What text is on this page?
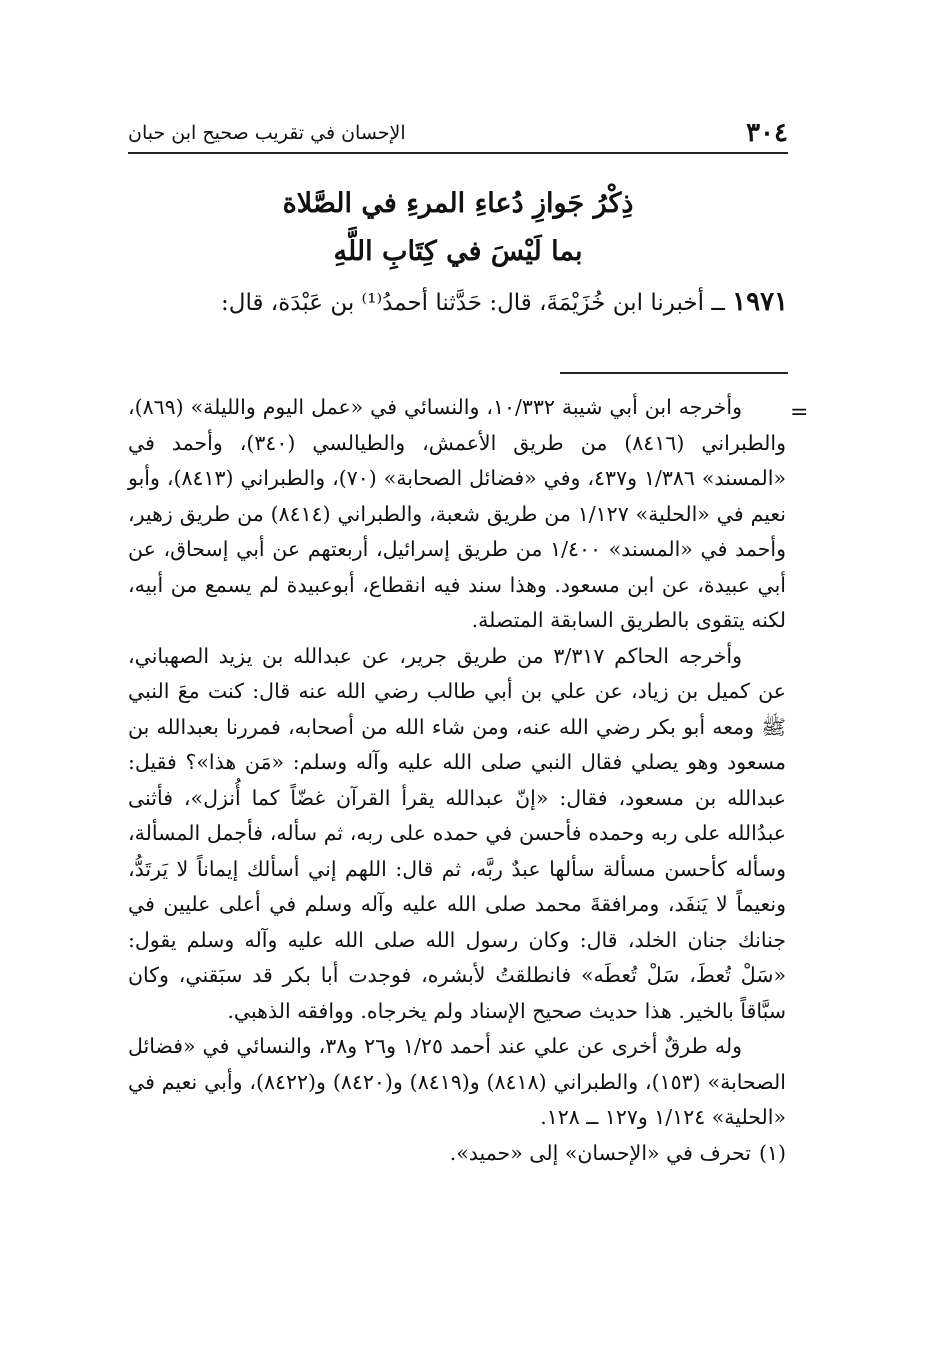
٣٠٤
الإحسان في تقريب صحيح ابن حبان
ذِكْرُ جَوازِ دُعاءِ المرءِ في الصَّلاة
بما لَيْسَ في كِتَابِ اللَّهِ
١٩٧١ ــ أخبرنا ابن خُزَيْمَةَ، قال: حَدَّثنا أحمدُ⁽¹⁾ بن عَبْدَة، قال:
=

وأخرجه ابن أبي شيبة ١٠/٣٣٢، والنسائي في «عمل اليوم والليلة» (٨٦٩)، والطبراني (٨٤١٦) من طريق الأعمش، والطيالسي (٣٤٠)، وأحمد في «المسند» ١/٣٨٦ و٤٣٧، وفي «فضائل الصحابة» (٧٠)، والطبراني (٨٤١٣)، وأبو نعيم في «الحلية» ١/١٢٧ من طريق شعبة، والطبراني (٨٤١٤) من طريق زهير، وأحمد في «المسند» ١/٤٠٠ من طريق إسرائيل، أربعتهم عن أبي إسحاق، عن أبي عبيدة، عن ابن مسعود. وهذا سند فيه انقطاع، أبوعبيدة لم يسمع من أبيه، لكنه يتقوى بالطريق السابقة المتصلة.

وأخرجه الحاكم ٣/٣١٧ من طريق جرير، عن عبدالله بن يزيد الصهباني، عن كميل بن زياد، عن علي بن أبي طالب رضي الله عنه قال: كنت معَ النبي ﷺ ومعه أبو بكر رضي الله عنه، ومن شاء الله من أصحابه، فمررنا بعبدالله بن مسعود وهو يصلي فقال النبي صلى الله عليه وآله وسلم: «مَن هذا»؟ فقيل: عبدالله بن مسعود، فقال: «إنّ عبدالله يقرأ القرآن غضّاً كما أُنزل»، فأثنى عبدُالله على ربه وحمده فأحسن في حمده على ربه، ثم سأله، فأجمل المسألة، وسأله كأحسن مسألة سألها عبدٌ ربَّه، ثم قال: اللهم إني أسألك إيماناً لا يَرتَدُّ، ونعيماً لا يَنفَد، ومرافقةَ محمد صلى الله عليه وآله وسلم في أعلى عليين في جنانك جنان الخلد، قال: وكان رسول الله صلى الله عليه وآله وسلم يقول: «سَلْ تُعطَ، سَلْ تُعطَه» فانطلقتُ لأبشره، فوجدت أبا بكر قد سبَقني، وكان سبَّاقاً بالخير. هذا حديث صحيح الإسناد ولم يخرجاه. ووافقه الذهبي.

وله طرقٌ أخرى عن علي عند أحمد ١/٢٥ و٢٦ و٣٨، والنسائي في «فضائل الصحابة» (١٥٣)، والطبراني (٨٤١٨) و(٨٤١٩) و(٨٤٢٠) و(٨٤٢٢)، وأبي نعيم في «الحلية» ١/١٢٤ و١٢٧ ــ ١٢٨.

(١)تحرف في «الإحسان» إلى «حميد».
